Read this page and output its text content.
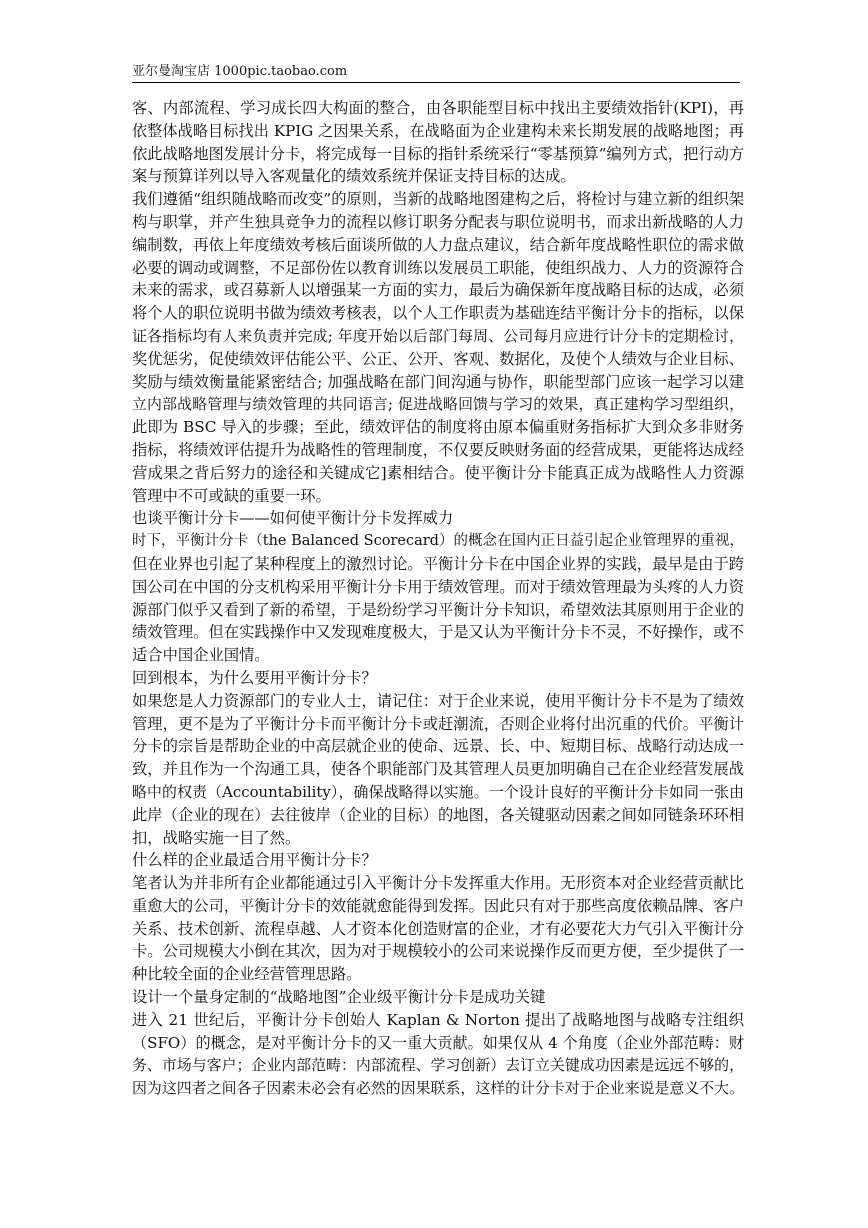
亚尔曼淘宝店 1000pic.taobao.com
客、内部流程、学习成长四大构面的整合，由各职能型目标中找出主要绩效指针(KPI)，再
依整体战略目标找出 KPIG 之因果关系，在战略面为企业建构未来长期发展的战略地图；再
依此战略地图发展计分卡，将完成每一目标的指针系统采行“零基预算”编列方式，把行动方
案与预算详列以导入客观量化的绩效系统并保证支持目标的达成。
我们遵循“组织随战略而改变”的原则，当新的战略地图建构之后，将检讨与建立新的组织架
构与职掌，并产生独具竞争力的流程以修订职务分配表与职位说明书，而求出新战略的人力
编制数，再依上年度绩效考核后面谈所做的人力盘点建议，结合新年度战略性职位的需求做
必要的调动或调整，不足部份佐以教育训练以发展员工职能，使组织战力、人力的资源符合
未来的需求，或召募新人以增强某一方面的实力，最后为确保新年度战略目标的达成，必须
将个人的职位说明书做为绩效考核表，以个人工作职责为基础连结平衡计分卡的指标，以保
证各指标均有人来负责并完成; 年度开始以后部门每周、公司每月应进行计分卡的定期检讨，
奖优惩劣，促使绩效评估能公平、公正、公开、客观、数据化，及使个人绩效与企业目标、
奖励与绩效衡量能紧密结合; 加强战略在部门间沟通与协作，职能型部门应该一起学习以建
立内部战略管理与绩效管理的共同语言; 促进战略回馈与学习的效果，真正建构学习型组织，
此即为 BSC 导入的步骤；至此，绩效评估的制度将由原本偏重财务指标扩大到众多非财务
指标，将绩效评估提升为战略性的管理制度，不仅要反映财务面的经营成果，更能将达成经
营成果之背后努力的途径和关键成它]素相结合。使平衡计分卡能真正成为战略性人力资源
管理中不可或缺的重要一环。
也谈平衡计分卡——如何使平衡计分卡发挥威力
时下，平衡计分卡（the Balanced Scorecard）的概念在国内正日益引起企业管理界的重视，
但在业界也引起了某种程度上的激烈讨论。平衡计分卡在中国企业界的实践，最早是由于跨
国公司在中国的分支机构采用平衡计分卡用于绩效管理。而对于绩效管理最为头疼的人力资
源部门似乎又看到了新的希望，于是纷纷学习平衡计分卡知识，希望效法其原则用于企业的
绩效管理。但在实践操作中又发现难度极大，于是又认为平衡计分卡不灵，不好操作，或不
适合中国企业国情。
回到根本，为什么要用平衡计分卡？
如果您是人力资源部门的专业人士，请记住：对于企业来说，使用平衡计分卡不是为了绩效
管理，更不是为了平衡计分卡而平衡计分卡或赶潮流，否则企业将付出沉重的代价。平衡计
分卡的宗旨是帮助企业的中高层就企业的使命、远景、长、中、短期目标、战略行动达成一
致，并且作为一个沟通工具，使各个职能部门及其管理人员更加明确自己在企业经营发展战
略中的权责（Accountability），确保战略得以实施。一个设计良好的平衡计分卡如同一张由
此岸（企业的现在）去往彼岸（企业的目标）的地图，各关键驱动因素之间如同链条环环相
扣，战略实施一目了然。
什么样的企业最适合用平衡计分卡？
笔者认为并非所有企业都能通过引入平衡计分卡发挥重大作用。无形资本对企业经营贡献比
重愈大的公司，平衡计分卡的效能就愈能得到发挥。因此只有对于那些高度依赖品牌、客户
关系、技术创新、流程卓越、人才资本化创造财富的企业，才有必要花大力气引入平衡计分
卡。公司规模大小倒在其次，因为对于规模较小的公司来说操作反而更方便，至少提供了一
种比较全面的企业经营管理思路。
设计一个量身定制的“战略地图”企业级平衡计分卡是成功关键
进入 21 世纪后，平衡计分卡创始人 Kaplan & Norton 提出了战略地图与战略专注组织
（SFO）的概念，是对平衡计分卡的又一重大贡献。如果仅从 4 个角度（企业外部范畴：财
务、市场与客户；企业内部范畴：内部流程、学习创新）去订立关键成功因素是远远不够的，
因为这四者之间各子因素未必会有必然的因果联系，这样的计分卡对于企业来说是意义不大。
